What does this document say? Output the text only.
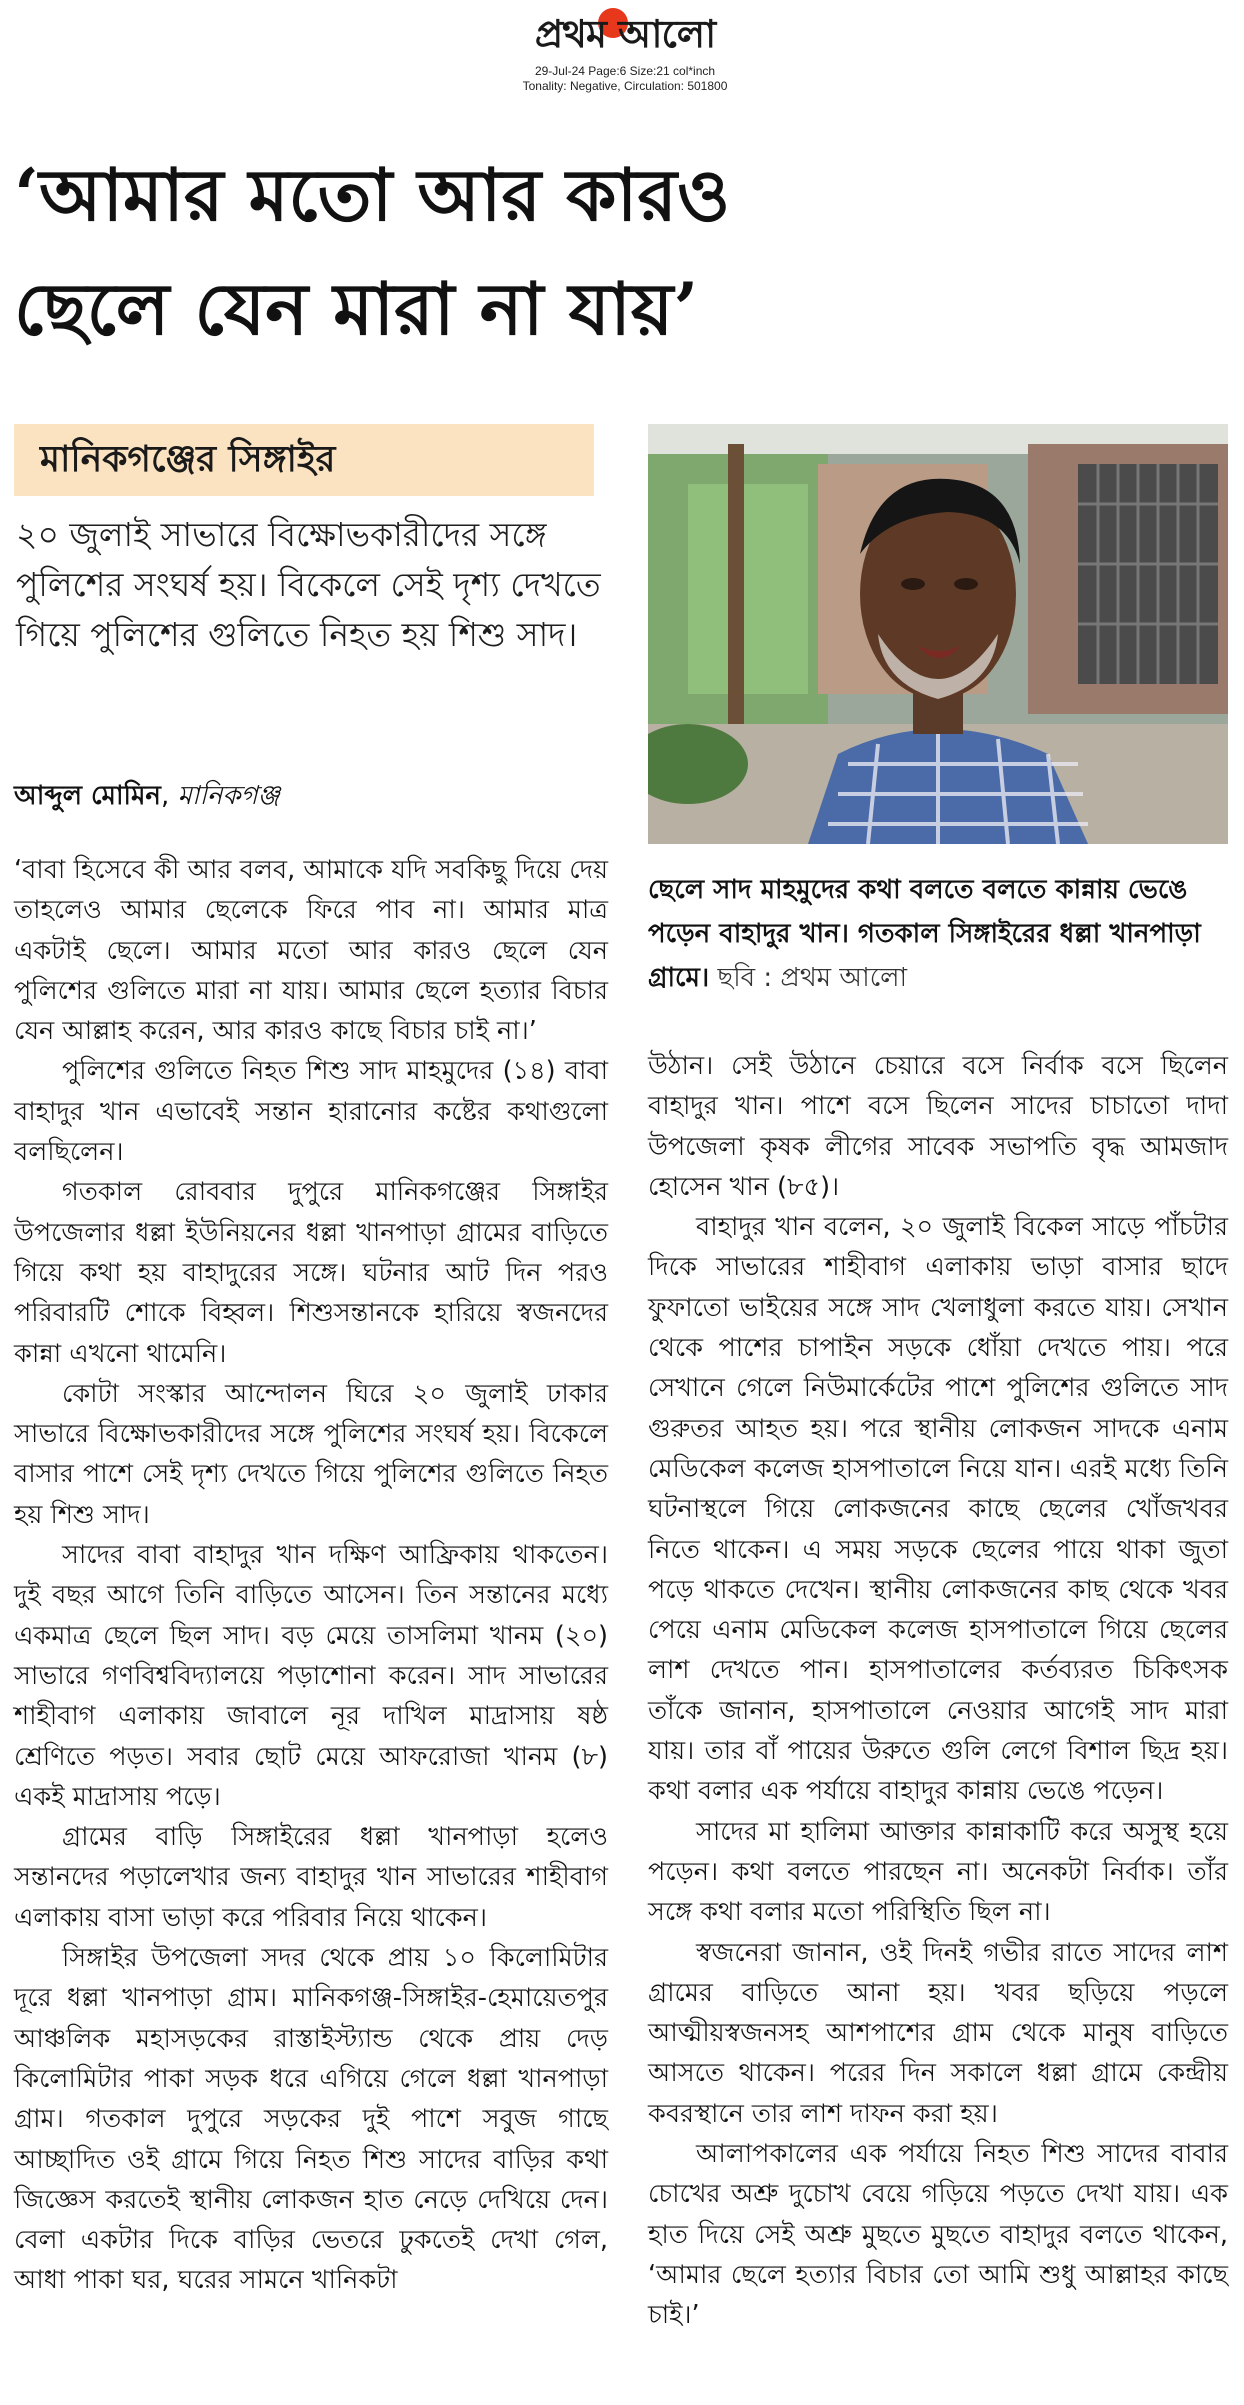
প্রথম আলো
29-Jul-24 Page:6 Size:21 col*inch
Tonality: Negative, Circulation: 501800
‘আমার মতো আর কারও
ছেলে যেন মারা না যায়’
মানিকগঞ্জের সিঙ্গাইর
২০ জুলাই সাভারে বিক্ষোভকারীদের সঙ্গে পুলিশের সংঘর্ষ হয়। বিকেলে সেই দৃশ্য দেখতে গিয়ে পুলিশের গুলিতে নিহত হয় শিশু সাদ।
আব্দুল মোমিন, মানিকগঞ্জ
ছেলে সাদ মাহমুদের কথা বলতে বলতে কান্নায় ভেঙে পড়েন বাহাদুর খান। গতকাল সিঙ্গাইরের ধল্লা খানপাড়া গ্রামে। ছবি : প্রথম আলো

‘বাবা হিসেবে কী আর বলব, আমাকে যদি সবকিছু দিয়ে দেয় তাহলেও আমার ছেলেকে ফিরে পাব না। আমার মাত্র একটাই ছেলে। আমার মতো আর কারও ছেলে যেন পুলিশের গুলিতে মারা না যায়। আমার ছেলে হত্যার বিচার যেন আল্লাহ করেন, আর কারও কাছে বিচার চাই না।’

পুলিশের গুলিতে নিহত শিশু সাদ মাহমুদের (১৪) বাবা বাহাদুর খান এভাবেই সন্তান হারানোর কষ্টের কথাগুলো বলছিলেন।

গতকাল রোববার দুপুরে মানিকগঞ্জের সিঙ্গাইর উপজেলার ধল্লা ইউনিয়নের ধল্লা খানপাড়া গ্রামের বাড়িতে গিয়ে কথা হয় বাহাদুরের সঙ্গে। ঘটনার আট দিন পরও পরিবারটি শোকে বিহ্বল। শিশুসন্তানকে হারিয়ে স্বজনদের কান্না এখনো থামেনি।

কোটা সংস্কার আন্দোলন ঘিরে ২০ জুলাই ঢাকার সাভারে বিক্ষোভকারীদের সঙ্গে পুলিশের সংঘর্ষ হয়। বিকেলে বাসার পাশে সেই দৃশ্য দেখতে গিয়ে পুলিশের গুলিতে নিহত হয় শিশু সাদ।

সাদের বাবা বাহাদুর খান দক্ষিণ আফ্রিকায় থাকতেন। দুই বছর আগে তিনি বাড়িতে আসেন। তিন সন্তানের মধ্যে একমাত্র ছেলে ছিল সাদ। বড় মেয়ে তাসলিমা খানম (২০) সাভারে গণবিশ্ববিদ্যালয়ে পড়াশোনা করেন। সাদ সাভারের শাহীবাগ এলাকায় জাবালে নূর দাখিল মাদ্রাসায় ষষ্ঠ শ্রেণিতে পড়ত। সবার ছোট মেয়ে আফরোজা খানম (৮) একই মাদ্রাসায় পড়ে।

গ্রামের বাড়ি সিঙ্গাইরের ধল্লা খানপাড়া হলেও সন্তানদের পড়ালেখার জন্য বাহাদুর খান সাভারের শাহীবাগ এলাকায় বাসা ভাড়া করে পরিবার নিয়ে থাকেন।

সিঙ্গাইর উপজেলা সদর থেকে প্রায় ১০ কিলোমিটার দূরে ধল্লা খানপাড়া গ্রাম। মানিকগঞ্জ-সিঙ্গাইর-হেমায়েতপুর আঞ্চলিক মহাসড়কের রাস্তাইস্ট্যান্ড থেকে প্রায় দেড় কিলোমিটার পাকা সড়ক ধরে এগিয়ে গেলে ধল্লা খানপাড়া গ্রাম। গতকাল দুপুরে সড়কের দুই পাশে সবুজ গাছে আচ্ছাদিত ওই গ্রামে গিয়ে নিহত শিশু সাদের বাড়ির কথা জিজ্ঞেস করতেই স্থানীয় লোকজন হাত নেড়ে দেখিয়ে দেন। বেলা একটার দিকে বাড়ির ভেতরে ঢুকতেই দেখা গেল, আধা পাকা ঘর, ঘরের সামনে খানিকটা

উঠান। সেই উঠানে চেয়ারে বসে নির্বাক বসে ছিলেন বাহাদুর খান। পাশে বসে ছিলেন সাদের চাচাতো দাদা উপজেলা কৃষক লীগের সাবেক সভাপতি বৃদ্ধ আমজাদ হোসেন খান (৮৫)।

বাহাদুর খান বলেন, ২০ জুলাই বিকেল সাড়ে পাঁচটার দিকে সাভারের শাহীবাগ এলাকায় ভাড়া বাসার ছাদে ফুফাতো ভাইয়ের সঙ্গে সাদ খেলাধুলা করতে যায়। সেখান থেকে পাশের চাপাইন সড়কে ধোঁয়া দেখতে পায়। পরে সেখানে গেলে নিউমার্কেটের পাশে পুলিশের গুলিতে সাদ গুরুতর আহত হয়। পরে স্থানীয় লোকজন সাদকে এনাম মেডিকেল কলেজ হাসপাতালে নিয়ে যান। এরই মধ্যে তিনি ঘটনাস্থলে গিয়ে লোকজনের কাছে ছেলের খোঁজখবর নিতে থাকেন। এ সময় সড়কে ছেলের পায়ে থাকা জুতা পড়ে থাকতে দেখেন। স্থানীয় লোকজনের কাছ থেকে খবর পেয়ে এনাম মেডিকেল কলেজ হাসপাতালে গিয়ে ছেলের লাশ দেখতে পান। হাসপাতালের কর্তব্যরত চিকিৎসক তাঁকে জানান, হাসপাতালে নেওয়ার আগেই সাদ মারা যায়। তার বাঁ পায়ের উরুতে গুলি লেগে বিশাল ছিদ্র হয়। কথা বলার এক পর্যায়ে বাহাদুর কান্নায় ভেঙে পড়েন।

সাদের মা হালিমা আক্তার কান্নাকাটি করে অসুস্থ হয়ে পড়েন। কথা বলতে পারছেন না। অনেকটা নির্বাক। তাঁর সঙ্গে কথা বলার মতো পরিস্থিতি ছিল না।

স্বজনেরা জানান, ওই দিনই গভীর রাতে সাদের লাশ গ্রামের বাড়িতে আনা হয়। খবর ছড়িয়ে পড়লে আত্মীয়স্বজনসহ আশপাশের গ্রাম থেকে মানুষ বাড়িতে আসতে থাকেন। পরের দিন সকালে ধল্লা গ্রামে কেন্দ্রীয় কবরস্থানে তার লাশ দাফন করা হয়।

আলাপকালের এক পর্যায়ে নিহত শিশু সাদের বাবার চোখের অশ্রু দুচোখ বেয়ে গড়িয়ে পড়তে দেখা যায়। এক হাত দিয়ে সেই অশ্রু মুছতে মুছতে বাহাদুর বলতে থাকেন, ‘আমার ছেলে হত্যার বিচার তো আমি শুধু আল্লাহর কাছে চাই।’
